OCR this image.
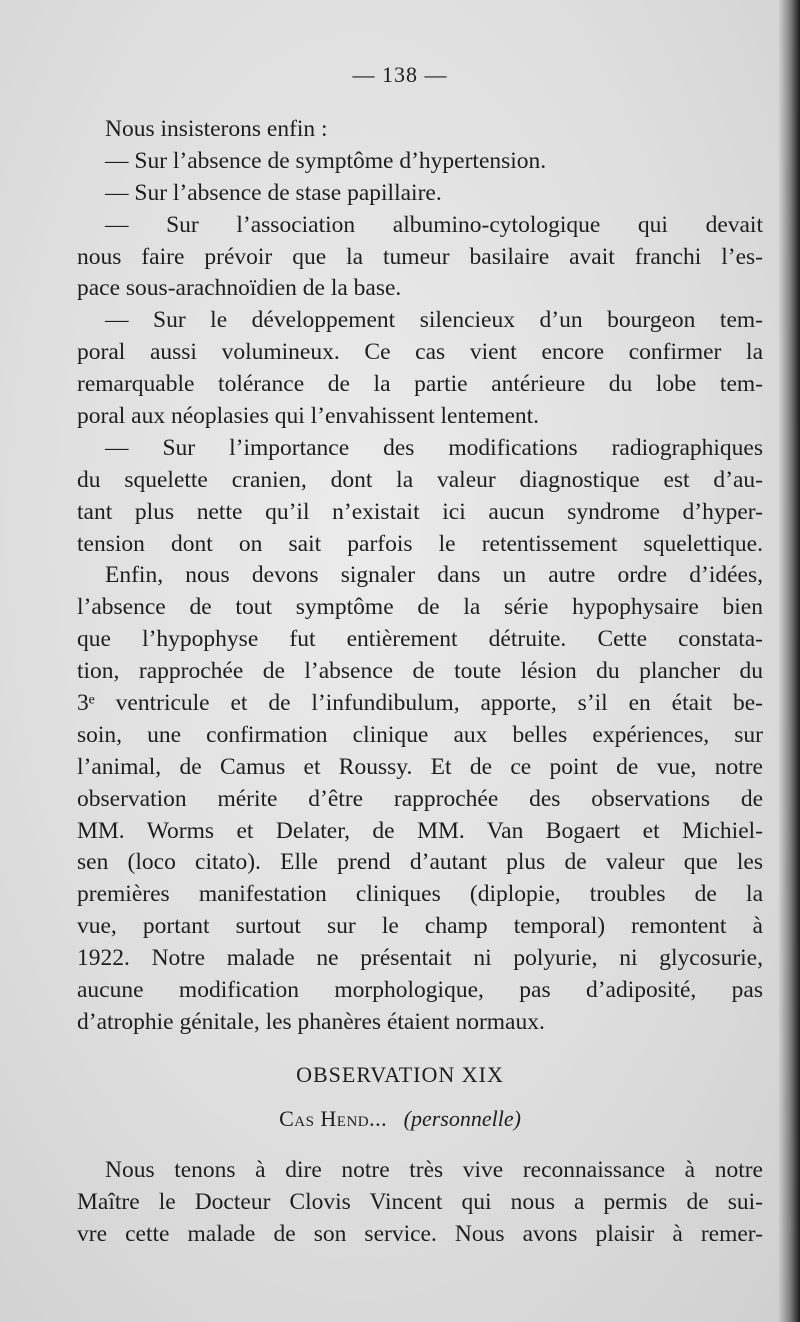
— 138 —
Nous insisterons enfin :
— Sur l’absence de symptôme d’hypertension.
— Sur l’absence de stase papillaire.
— Sur l’association albumino-cytologique qui devait
nous faire prévoir que la tumeur basilaire avait franchi l’es-
pace sous-arachnoïdien de la base.
— Sur le développement silencieux d’un bourgeon tem-
poral aussi volumineux. Ce cas vient encore confirmer la
remarquable tolérance de la partie antérieure du lobe tem-
poral aux néoplasies qui l’envahissent lentement.
— Sur l’importance des modifications radiographiques
du squelette cranien, dont la valeur diagnostique est d’au-
tant plus nette qu’il n’existait ici aucun syndrome d’hyper-
tension dont on sait parfois le retentissement squelettique.
Enfin, nous devons signaler dans un autre ordre d’idées,
l’absence de tout symptôme de la série hypophysaire bien
que l’hypophyse fut entièrement détruite. Cette constata-
tion, rapprochée de l’absence de toute lésion du plancher du
3ᵉ ventricule et de l’infundibulum, apporte, s’il en était be-
soin, une confirmation clinique aux belles expériences, sur
l’animal, de Camus et Roussy. Et de ce point de vue, notre
observation mérite d’être rapprochée des observations de
MM. Worms et Delater, de MM. Van Bogaert et Michiel-
sen (loco citato). Elle prend d’autant plus de valeur que les
premières manifestation cliniques (diplopie, troubles de la
vue, portant surtout sur le champ temporal) remontent à
1922. Notre malade ne présentait ni polyurie, ni glycosurie,
aucune modification morphologique, pas d’adiposité, pas
d’atrophie génitale, les phanères étaient normaux.
OBSERVATION XIX
Cas Hend... (personnelle)
Nous tenons à dire notre très vive reconnaissance à notre
Maître le Docteur Clovis Vincent qui nous a permis de sui-
vre cette malade de son service. Nous avons plaisir à remer-
